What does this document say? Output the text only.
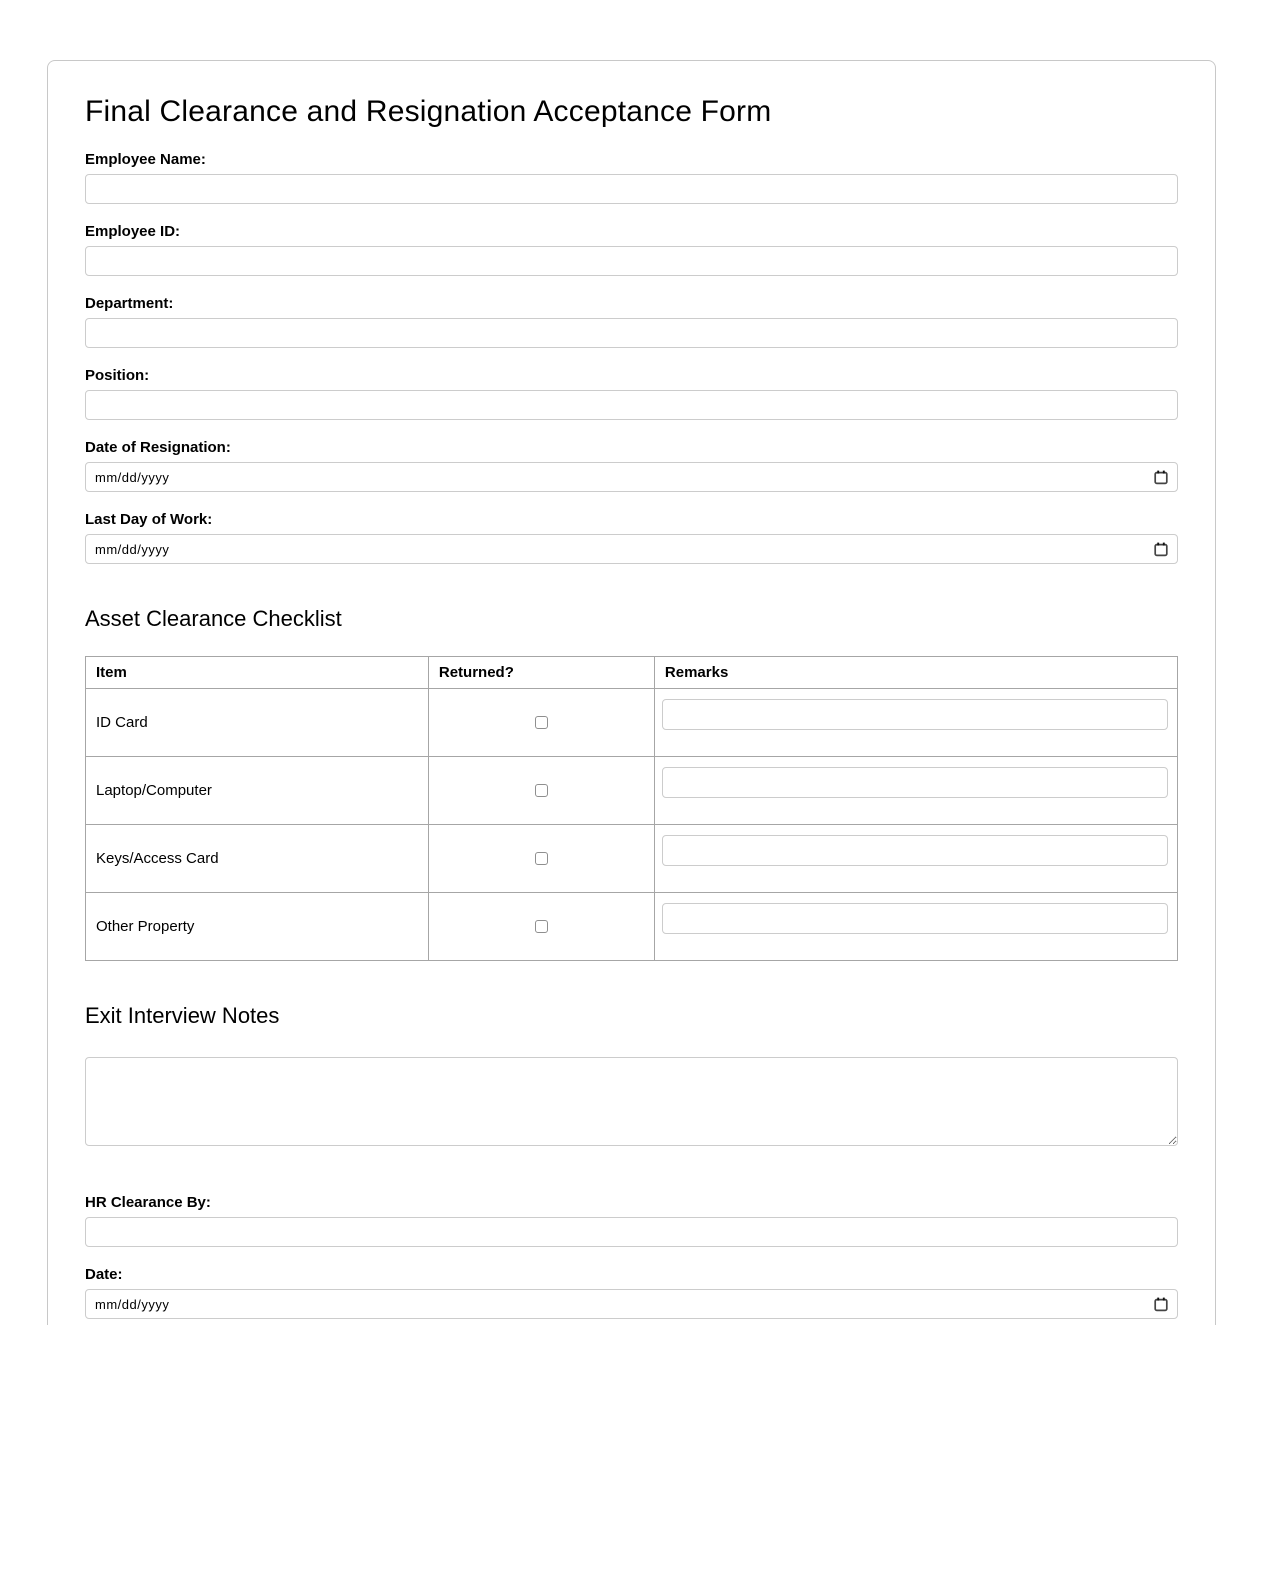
Final Clearance and Resignation Acceptance Form
Employee Name:
Employee ID:
Department:
Position:
Date of Resignation:
mm/dd/yyyy
Last Day of Work:
mm/dd/yyyy
Asset Clearance Checklist
Item	Returned?	Remarks
ID Card		

Laptop/Computer		

Keys/Access Card		

Other Property		
Exit Interview Notes
HR Clearance By:
Date:
mm/dd/yyyy
